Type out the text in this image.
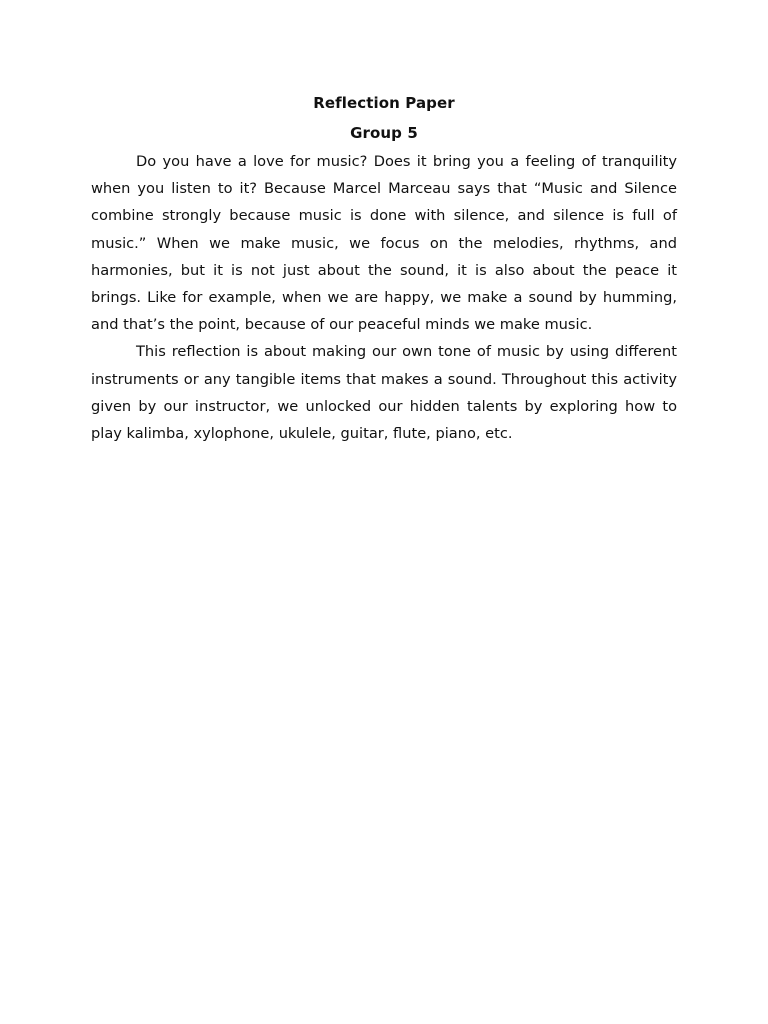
Reflection Paper

Group 5

Do you have a love for music? Does it bring you a feeling of tranquility when you listen to it? Because Marcel Marceau says that “Music and Silence combine strongly because music is done with silence, and silence is full of music.” When we make music, we focus on the melodies, rhythms, and harmonies, but it is not just about the sound, it is also about the peace it brings. Like for example, when we are happy, we make a sound by humming, and that’s the point, because of our peaceful minds we make music.

This reflection is about making our own tone of music by using different instruments or any tangible items that makes a sound. Throughout this activity given by our instructor, we unlocked our hidden talents by exploring how to play kalimba, xylophone, ukulele, guitar, flute, piano, etc.
